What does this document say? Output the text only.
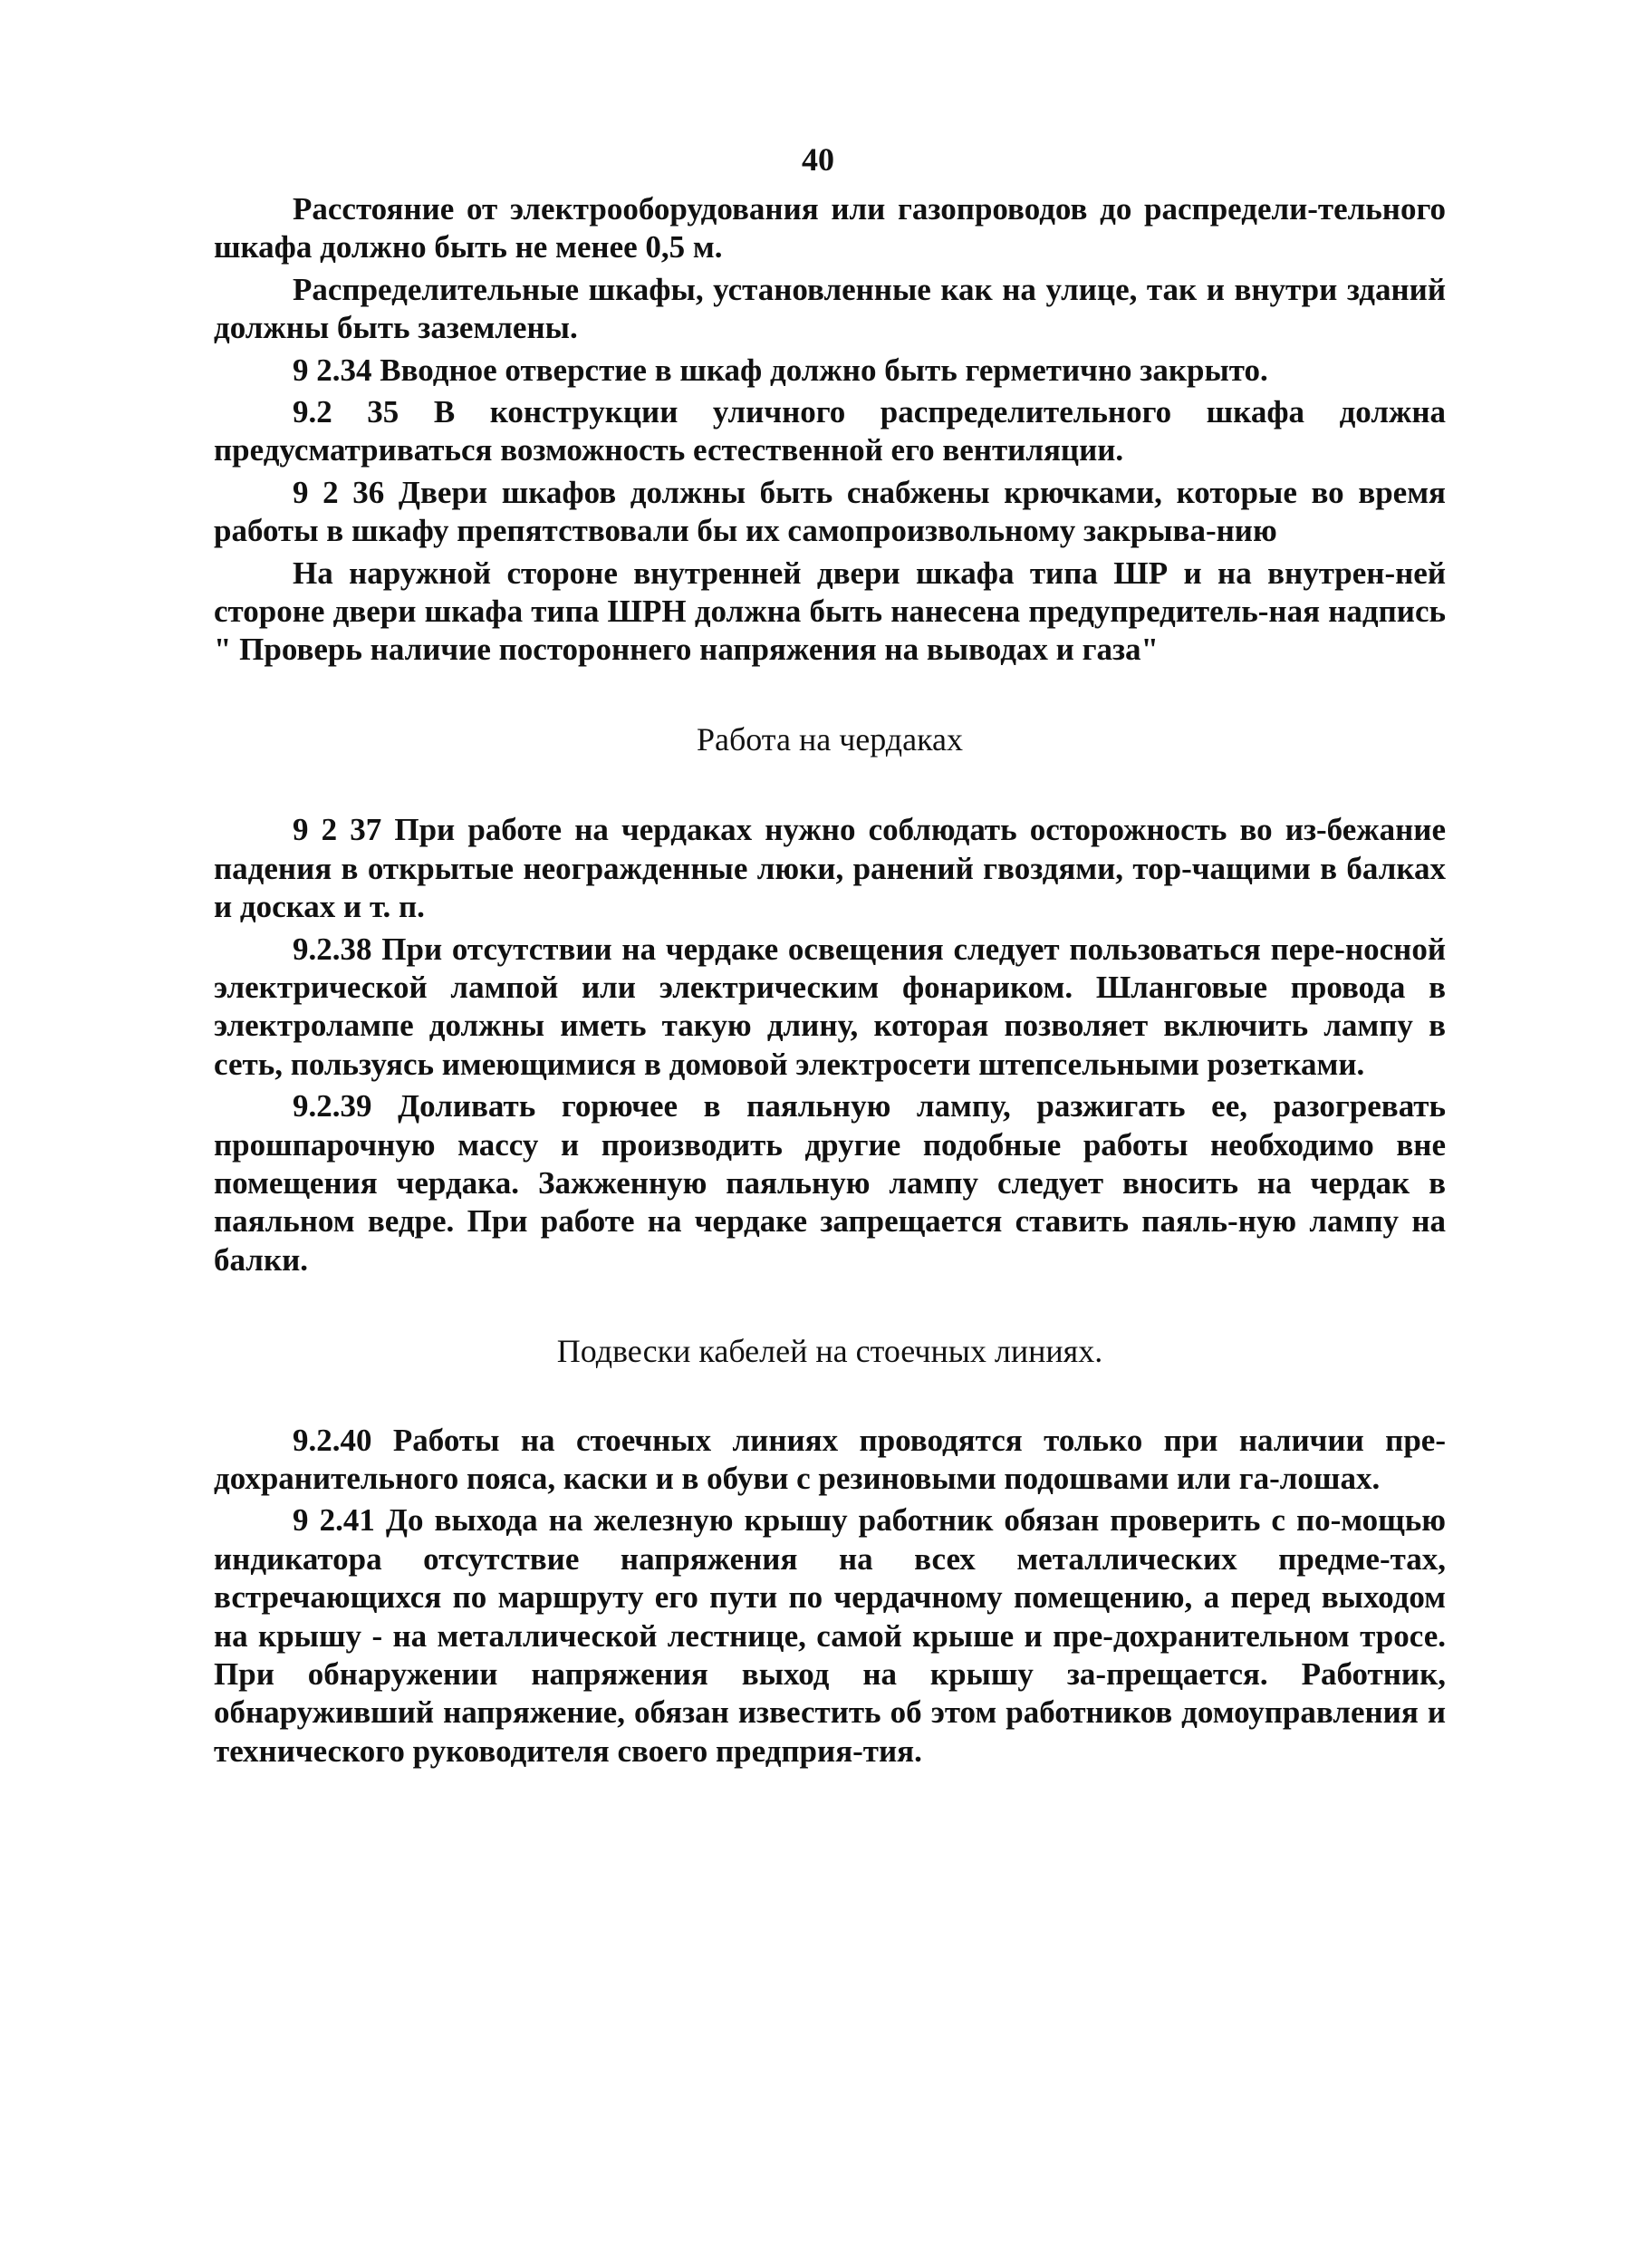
40

Расстояние от электрооборудования или газопроводов до распредели-тельного шкафа должно быть не менее 0,5 м.

Распределительные шкафы, установленные как на улице, так и внутри зданий должны быть заземлены.

9 2.34 Вводное отверстие в шкаф должно быть герметично закрыто.

9.2 35 В конструкции уличного распределительного шкафа должна предусматриваться возможность естественной его вентиляции.

9 2 36 Двери шкафов должны быть снабжены крючками, которые во время работы в шкафу препятствовали бы их самопроизвольному закрыва-нию

На наружной стороне внутренней двери шкафа типа ШР и на внутрен-ней стороне двери шкафа типа ШРН должна быть нанесена предупредитель-ная надпись " Проверь наличие постороннего напряжения на выводах и газа"

Работа на чердаках

9 2 37 При работе на чердаках нужно соблюдать осторожность во из-бежание падения в открытые неогражденные люки, ранений гвоздями, тор-чащими в балках и досках и т. п.

9.2.38 При отсутствии на чердаке освещения следует пользоваться пере-носной электрической лампой или электрическим фонариком. Шланговые провода в электролампе должны иметь такую длину, которая позволяет включить лампу в сеть, пользуясь имеющимися в домовой электросети штепсельными розетками.

9.2.39 Доливать горючее в паяльную лампу, разжигать ее, разогревать прошпарочную массу и производить другие подобные работы необходимо вне помещения чердака. Зажженную паяльную лампу следует вносить на чердак в паяльном ведре. При работе на чердаке запрещается ставить паяль-ную лампу на балки.

Подвески кабелей на стоечных линиях.

9.2.40 Работы на стоечных линиях проводятся только при наличии пре-дохранительного пояса, каски и в обуви с резиновыми подошвами или га-лошах.

9 2.41 До выхода на железную крышу работник обязан проверить с по-мощью индикатора отсутствие напряжения на всех металлических предме-тах, встречающихся по маршруту его пути по чердачному помещению, а перед выходом на крышу - на металлической лестнице, самой крыше и пре-дохранительном тросе. При обнаружении напряжения выход на крышу за-прещается. Работник, обнаруживший напряжение, обязан известить об этом работников домоуправления и технического руководителя своего предприя-тия.
